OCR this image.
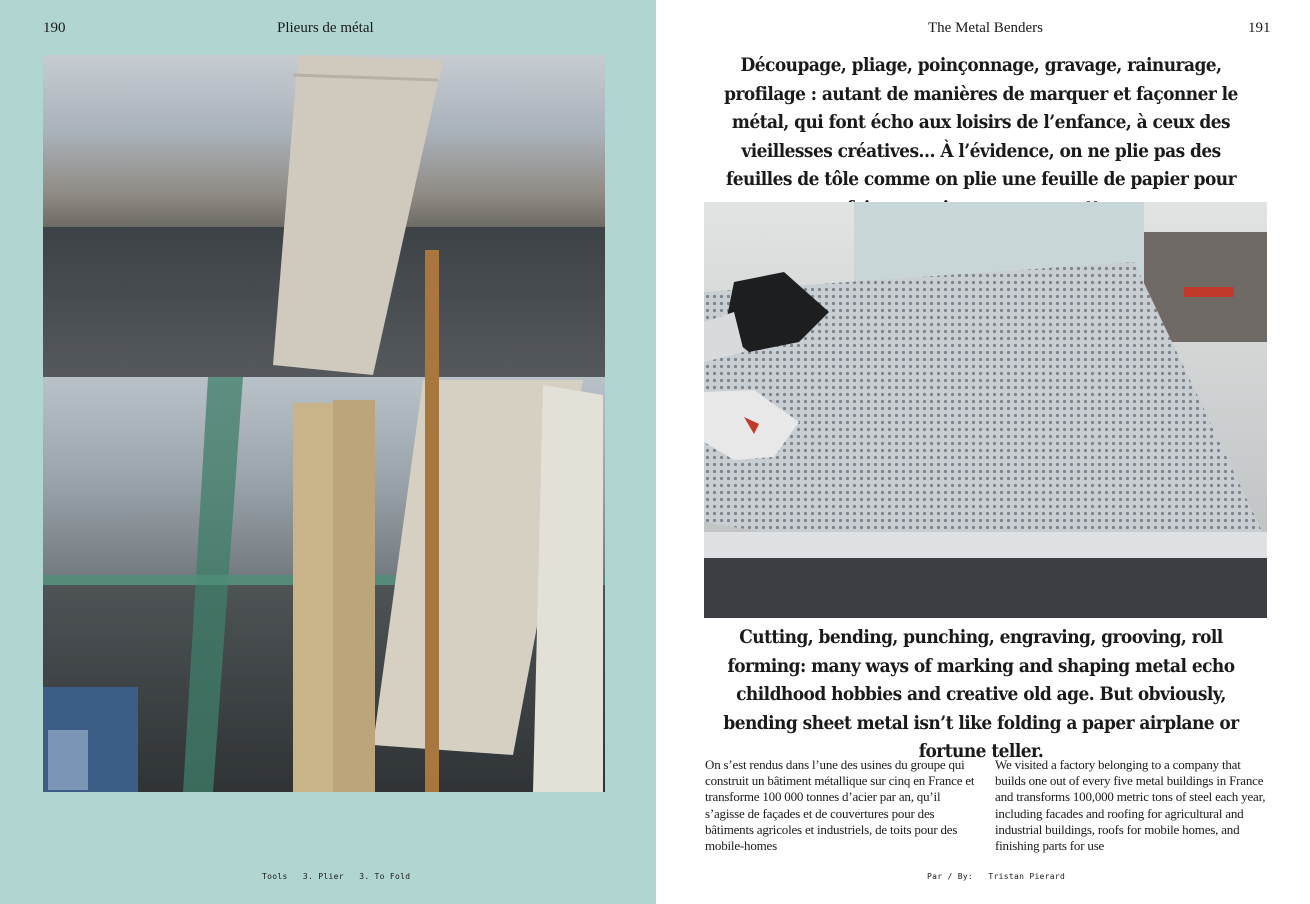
190	Plieurs de métal
Tools   3. Plier   3. To Fold
The Metal Benders	191
Découpage, pliage, poinçonnage, gravage, rainurage, profilage : autant de manières de marquer et façonner le métal, qui font écho aux loisirs de l’enfance, à ceux des vieillesses créatives… À l’évidence, on ne plie pas des feuilles de tôle comme on plie une feuille de papier pour
Cutting, bending, punching, engraving, grooving, roll forming: many ways of marking and shaping metal echo childhood hobbies and creative old age. But obviously, bending sheet metal isn’t like folding a paper airplane or fortune teller.
On s’est rendus dans l’une des usines du groupe qui construit un bâtiment métallique sur cinq en France et transforme 100 000 tonnes d’acier par an, qu’il s’agisse de façades et de couvertures pour des bâtiments agricoles et industriels, de toits pour des mobile-homes
We visited a factory belonging to a company that builds one out of every five metal buildings in France and transforms 100,000 metric tons of steel each year, including facades and roofing for agricultural and industrial buildings, roofs for mobile homes, and finishing parts for use
Par / By:   Tristan Pierard
